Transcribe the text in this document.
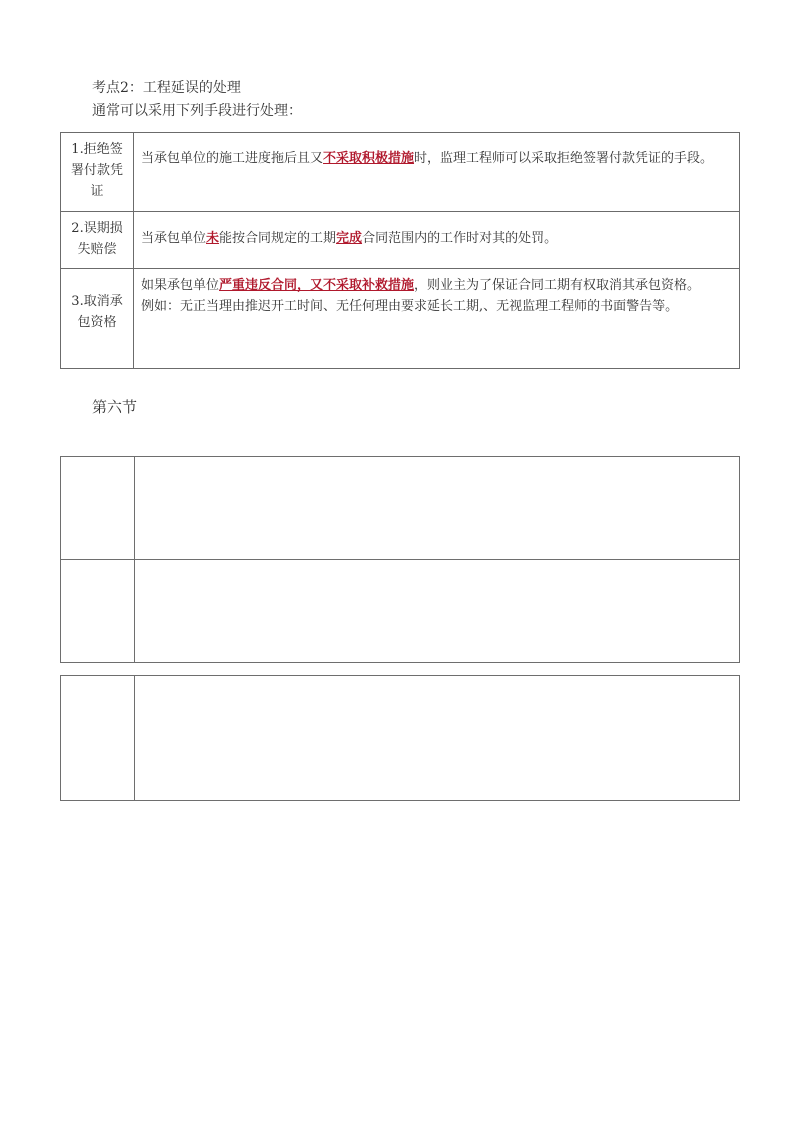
考点2：工程延误的处理
通常可以采用下列手段进行处理：
1.拒绝签署付款凭证	当承包单位的施工进度拖后且又不采取积极措施时，监理工程师可以采取拒绝签署付款凭证的手段。
2.误期损失赔偿	当承包单位未能按合同规定的工期完成合同范围内的工作时对其的处罚。
3.取消承包资格	如果承包单位严重违反合同，又不采取补救措施，则业主为了保证合同工期有权取消其承包资格。
例如：无正当理由推迟开工时间、无任何理由要求延长工期,、无视监理工程师的书面警告等。
第六节
